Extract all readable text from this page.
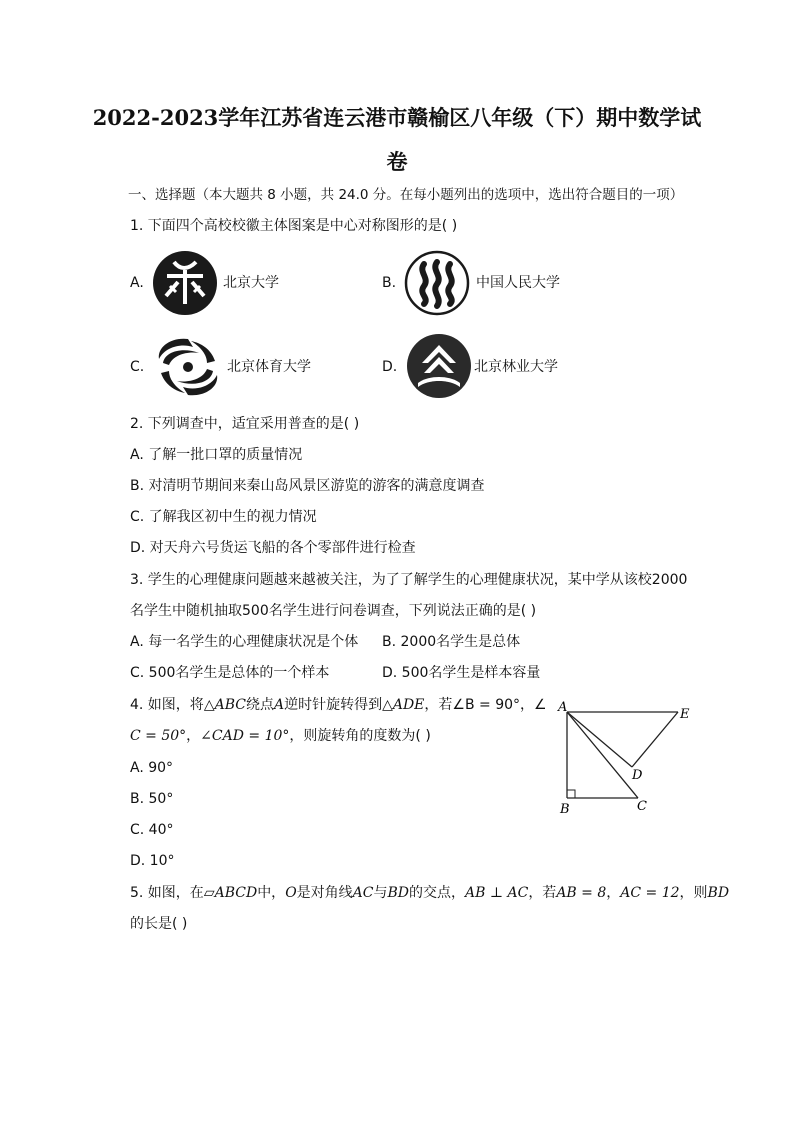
2022-2023学年江苏省连云港市赣榆区八年级（下）期中数学试
卷
一、选择题（本大题共 8 小题，共 24.0 分。在每小题列出的选项中，选出符合题目的一项）
1. 下面四个高校校徽主体图案是中心对称图形的是( )
A.	北京大学	B.	中国人民大学
C.	北京体育大学	D.	北京林业大学
2. 下列调查中，适宜采用普查的是( )
A. 了解一批口罩的质量情况
B. 对清明节期间来秦山岛风景区游览的游客的满意度调查
C. 了解我区初中生的视力情况
D. 对天舟六号货运飞船的各个零部件进行检查
3. 学生的心理健康问题越来越被关注，为了了解学生的心理健康状况，某中学从该校2000
名学生中随机抽取500名学生进行问卷调查，下列说法正确的是( )
A. 每一名学生的心理健康状况是个体 B. 2000名学生是总体
C. 500名学生是总体的一个样本	D. 500名学生是样本容量
4. 如图，将△ABC绕点A逆时针旋转得到△ADE，若∠B = 90°，∠
C = 50°，∠CAD = 10°，则旋转角的度数为( )
A. 90°
B. 50°
C. 40°
D. 10°
A
B	C
D
E
5. 如图，在▱ABCD中，O是对角线AC与BD的交点，AB ⊥ AC，若AB = 8，AC = 12，则BD
的长是( )
